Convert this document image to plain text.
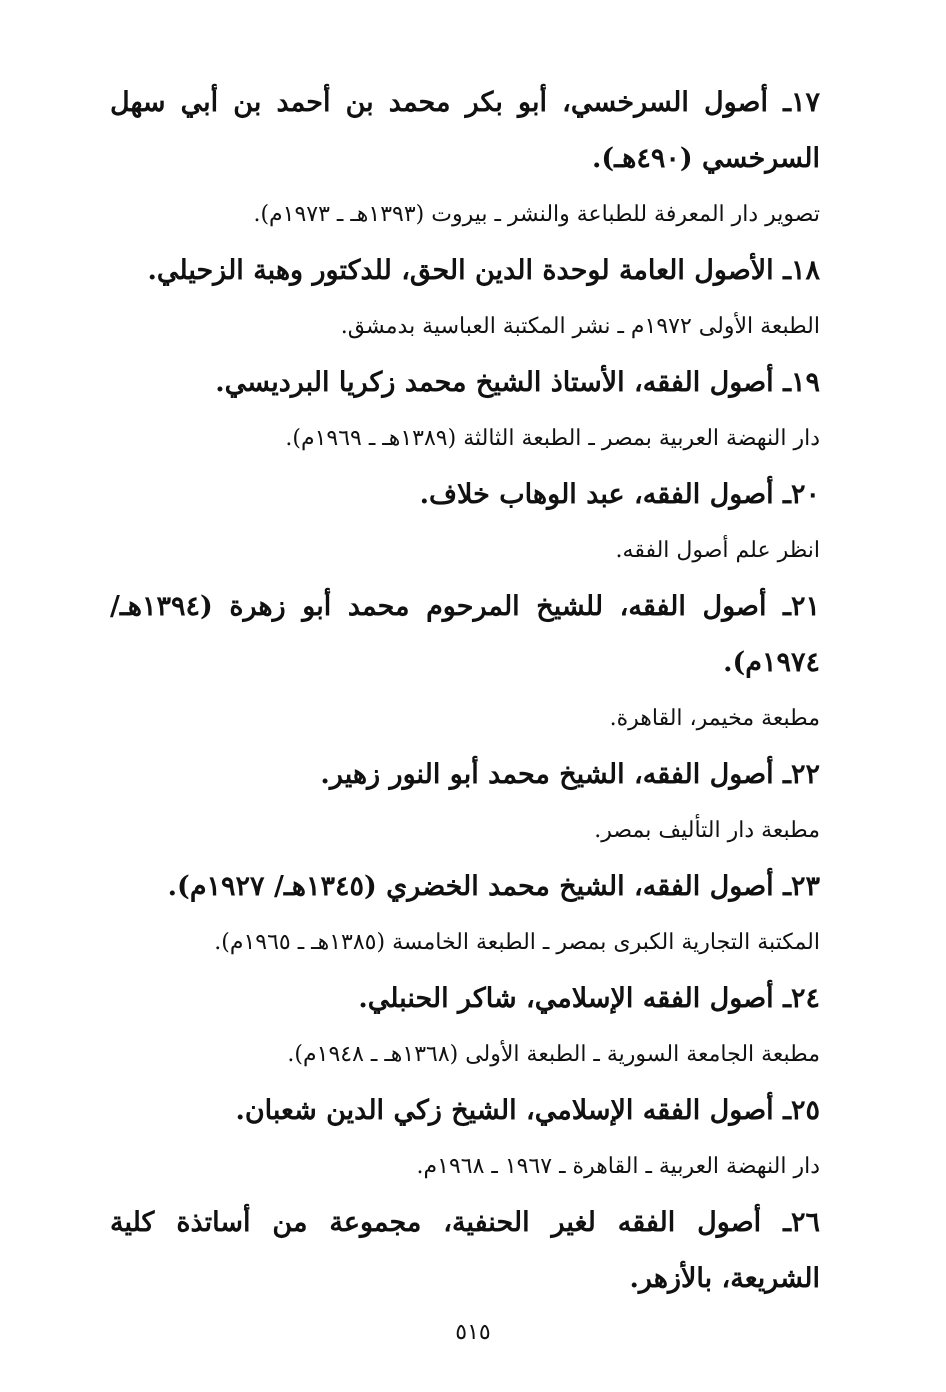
١٧ـ أصول السرخسي، أبو بكر محمد بن أحمد بن أبي سهل السرخسي (٤٩٠هـ).
تصوير دار المعرفة للطباعة والنشر ـ بيروت (١٣٩٣هـ ـ ١٩٧٣م).
١٨ـ الأصول العامة لوحدة الدين الحق، للدكتور وهبة الزحيلي.
الطبعة الأولى ١٩٧٢م ـ نشر المكتبة العباسية بدمشق.
١٩ـ أصول الفقه، الأستاذ الشيخ محمد زكريا البرديسي.
دار النهضة العربية بمصر ـ الطبعة الثالثة (١٣٨٩هـ ـ ١٩٦٩م).
٢٠ـ أصول الفقه، عبد الوهاب خلاف.
انظر علم أصول الفقه.
٢١ـ أصول الفقه، للشيخ المرحوم محمد أبو زهرة (١٣٩٤هـ/ ١٩٧٤م).
مطبعة مخيمر، القاهرة.
٢٢ـ أصول الفقه، الشيخ محمد أبو النور زهير.
مطبعة دار التأليف بمصر.
٢٣ـ أصول الفقه، الشيخ محمد الخضري (١٣٤٥هـ/ ١٩٢٧م).
المكتبة التجارية الكبرى بمصر ـ الطبعة الخامسة (١٣٨٥هـ ـ ١٩٦٥م).
٢٤ـ أصول الفقه الإسلامي، شاكر الحنبلي.
مطبعة الجامعة السورية ـ الطبعة الأولى (١٣٦٨هـ ـ ١٩٤٨م).
٢٥ـ أصول الفقه الإسلامي، الشيخ زكي الدين شعبان.
دار النهضة العربية ـ القاهرة ـ ١٩٦٧ ـ ١٩٦٨م.
٢٦ـ أصول الفقه لغير الحنفية، مجموعة من أساتذة كلية الشريعة، بالأزهر.
٥١٥
